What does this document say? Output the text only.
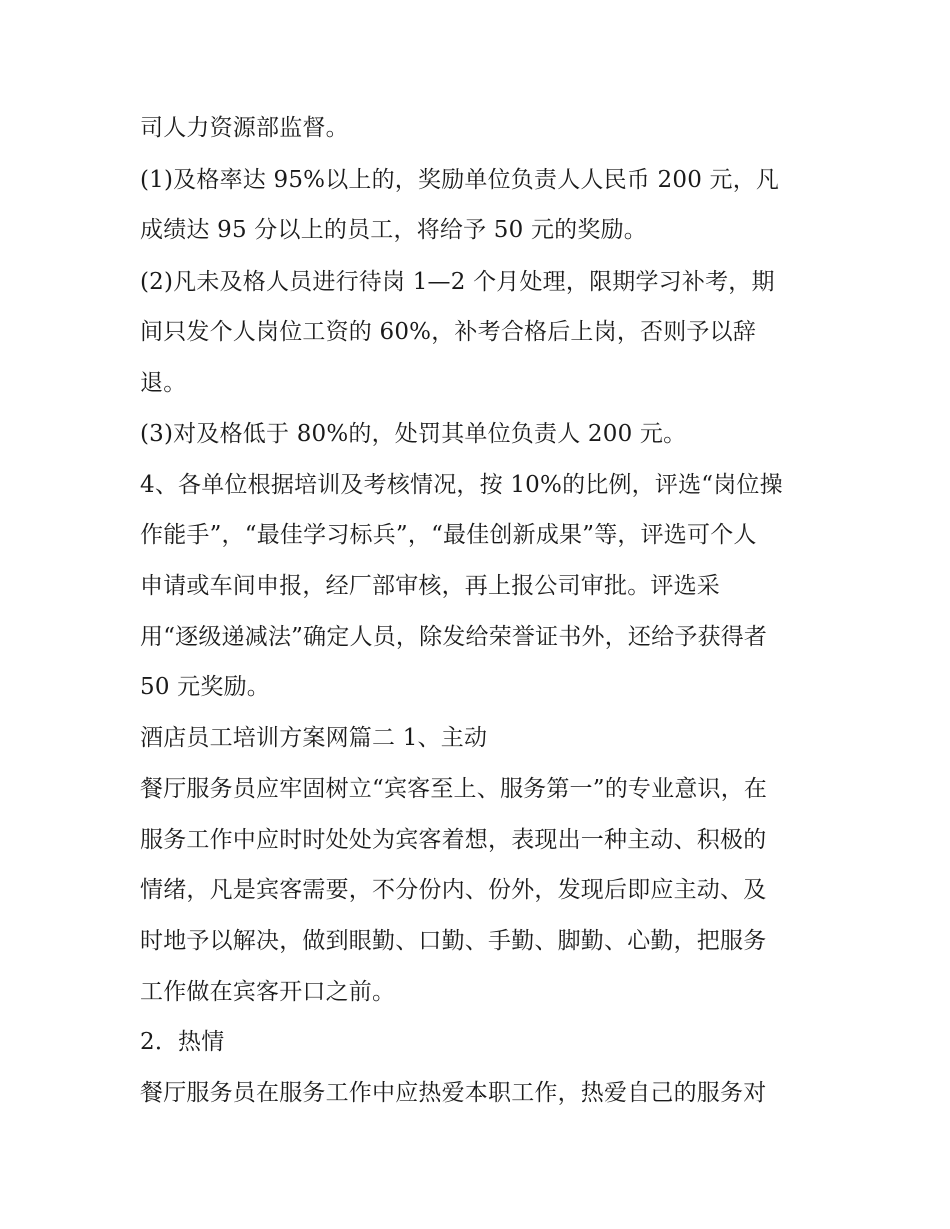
司人力资源部监督。
(1)及格率达 95%以上的，奖励单位负责人人民币 200 元，凡
成绩达 95 分以上的员工，将给予 50 元的奖励。
(2)凡未及格人员进行待岗 1—2 个月处理，限期学习补考，期
间只发个人岗位工资的 60%，补考合格后上岗，否则予以辞
退。
(3)对及格低于 80%的，处罚其单位负责人 200 元。
4、各单位根据培训及考核情况，按 10%的比例，评选“岗位操
作能手”，“最佳学习标兵”，“最佳创新成果”等，评选可个人
申请或车间申报，经厂部审核，再上报公司审批。评选采
用“逐级递减法”确定人员，除发给荣誉证书外，还给予获得者
50 元奖励。
酒店员工培训方案网篇二 1、主动
餐厅服务员应牢固树立“宾客至上、服务第一”的专业意识，在
服务工作中应时时处处为宾客着想，表现出一种主动、积极的
情绪，凡是宾客需要，不分份内、份外，发现后即应主动、及
时地予以解决，做到眼勤、口勤、手勤、脚勤、心勤，把服务
工作做在宾客开口之前。
2．热情
餐厅服务员在服务工作中应热爱本职工作，热爱自己的服务对
